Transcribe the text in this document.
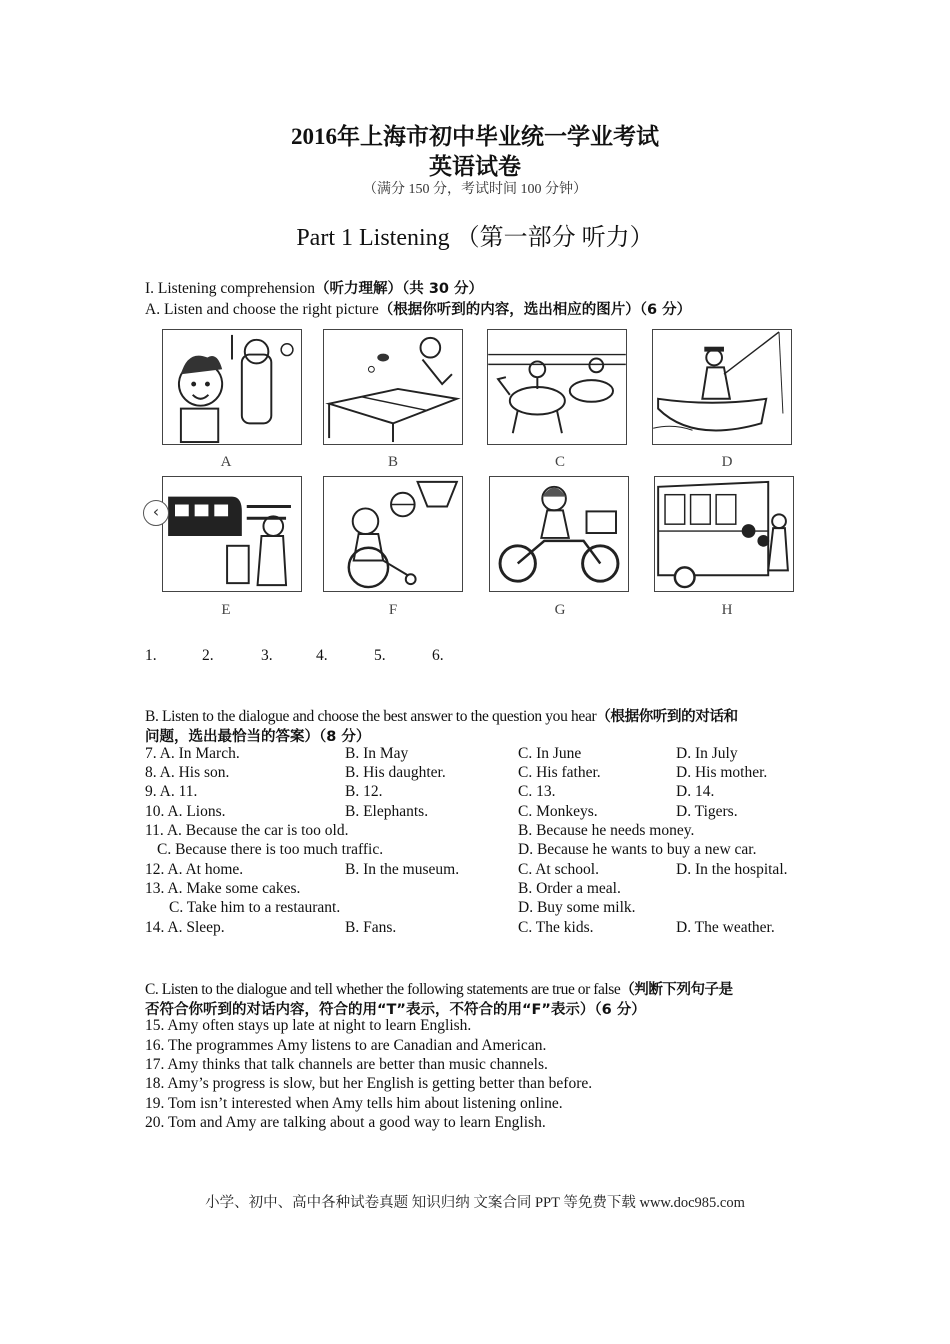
2016年上海市初中毕业统一学业考试
英语试卷
（满分 150 分，考试时间 100 分钟）
Part 1 Listening （第一部分 听力）
I. Listening comprehension（听力理解）（共 30 分）
A. Listen and choose the right picture（根据你听到的内容，选出相应的图片）（6 分）
A	B	C	D
‹
E	F	G	H
1.	2.	3.	4.	5.	6.
B. Listen to the dialogue and choose the best answer to the question you hear（根据你听到的对话和
问题，选出最恰当的答案）（8 分）
7. A. In March.	B. In May	C. In June	D. In July
8. A. His son.	B. His daughter.	C. His father.	D. His mother.
9. A. 11.	B. 12.	C. 13.	D. 14.
10. A. Lions.	B. Elephants.	C. Monkeys.	D. Tigers.
11. A. Because the car is too old.	B. Because he needs money.
C. Because there is too much traffic.	D. Because he wants to buy a new car.
12. A. At home.	B. In the museum.	C. At school.	D. In the hospital.
13. A. Make some cakes.	B. Order a meal.
C. Take him to a restaurant.	D. Buy some milk.
14. A. Sleep.	B. Fans.	C. The kids.	D. The weather.
C. Listen to the dialogue and tell whether the following statements are true or false（判断下列句子是
否符合你听到的对话内容，符合的用“T”表示，不符合的用“F”表示）（6 分）
15. Amy often stays up late at night to learn English.
16. The programmes Amy listens to are Canadian and American.
17. Amy thinks that talk channels are better than music channels.
18. Amy’s progress is slow, but her English is getting better than before.
19. Tom isn’t interested when Amy tells him about listening online.
20. Tom and Amy are talking about a good way to learn English.
小学、初中、高中各种试卷真题 知识归纳 文案合同 PPT 等免费下载 www.doc985.com
